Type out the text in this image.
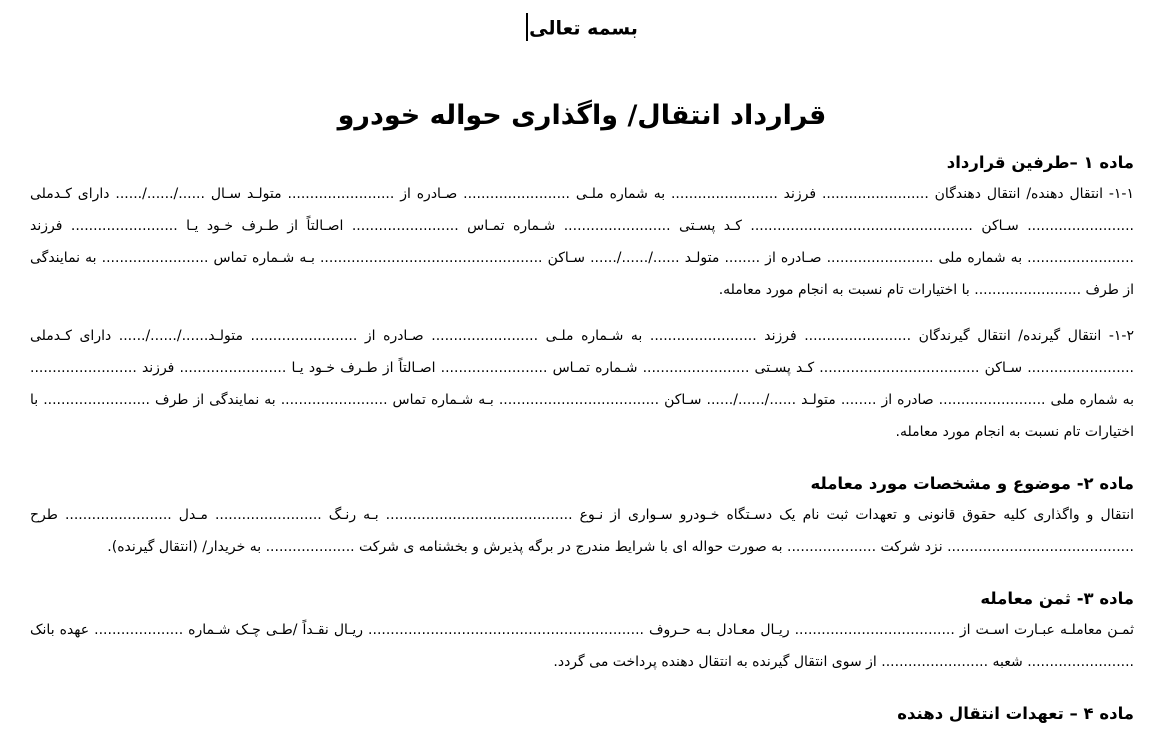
بسمه تعالی
قرارداد انتقال/ واگذاری حواله خودرو
ماده ۱ –طرفین قرارداد

۱-۱- انتقال دهنده/ انتقال دهندگان ........................ فرزند ........................ به شماره ملـی ........................ صـادره از ........................ متولـد سـال ....../....../...... دارای کـدملی ........................ سـاکن .................................................. کـد پسـتی ........................ شـماره تمـاس ........................ اصـالتاً از طـرف خـود یـا ........................ فرزند ........................ به شماره ملی ........................ صـادره از ........ متولـد ....../....../...... سـاکن .................................................. بـه شـماره تماس ........................ به نمایندگی از طرف ........................ با اختیارات تام نسبت به انجام مورد معامله.

۱-۲- انتقال گیرنده/ انتقال گیرندگان ........................ فرزند ........................ به شـماره ملـی ........................ صـادره از ........................ متولـد....../....../...... دارای کـدملی ........................ سـاکن .................................... کـد پسـتی ........................ شـماره تمـاس ........................ اصـالتاً از طـرف خـود یـا ........................ فرزند ........................ به شماره ملی ........................ صادره از ........ متولـد ....../....../...... سـاکن .................................... بـه شـماره تماس ........................ به نمایندگی از طرف ........................ با اختیارات تام نسبت به انجام مورد معامله.

ماده ۲- موضوع و مشخصات مورد معامله

انتقال و واگذاری کلیه حقوق قانونی و تعهدات ثبت نام یک دسـتگاه خـودرو سـواری از نـوع .......................................... بـه رنـگ ........................ مـدل ........................ طرح .......................................... نزد شرکت .................... به صورت حواله ای با شرایط مندرج در برگه پذیرش و بخشنامه ی شرکت .................... به خریدار/ (انتقال گیرنده).

ماده ۳- ثمن معامله

ثمـن معاملـه عبـارت اسـت از .................................... ریـال معـادل بـه حـروف .............................................................. ریـال نقـداً /طـی چـک شـماره .................... عهده بانک ........................ شعبه ........................ از سوی انتقال گیرنده به انتقال دهنده پرداخت می گردد.

ماده ۴ – تعهدات انتقال دهنده
